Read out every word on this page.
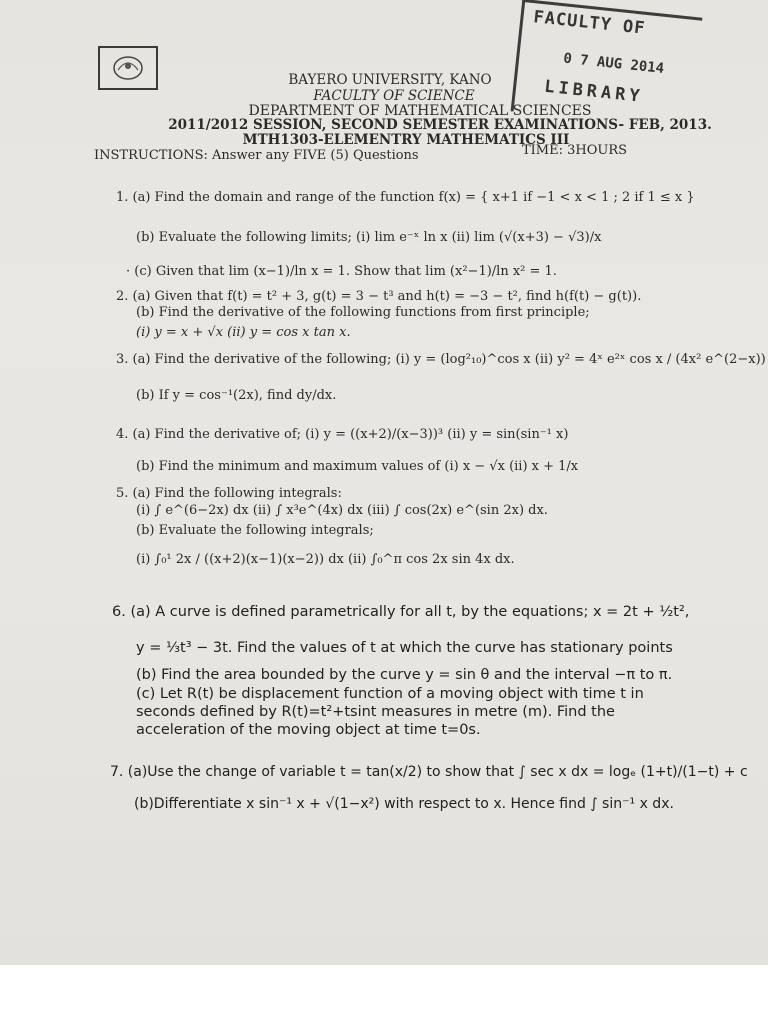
FACULTY OF
0 7 AUG 2014
LIBRARY
BAYERO UNIVERSITY, KANO
FACULTY OF SCIENCE
DEPARTMENT OF MATHEMATICAL SCIENCES
2011/2012 SESSION, SECOND SEMESTER EXAMINATIONS- FEB, 2013.
MTH1303-ELEMENTRY MATHEMATICS III
INSTRUCTIONS: Answer any FIVE (5) Questions	TIME: 3HOURS
1. (a) Find the domain and range of the function f(x) = { x+1 if −1 < x < 1 ; 2 if 1 ≤ x }
(b) Evaluate the following limits; (i) lim e⁻ˣ ln x (ii) lim (√(x+3) − √3)/x
· (c) Given that lim (x−1)/ln x = 1. Show that lim (x²−1)/ln x² = 1.
2. (a) Given that f(t) = t² + 3, g(t) = 3 − t³ and h(t) = −3 − t², find h(f(t) − g(t)).
(b) Find the derivative of the following functions from first principle;
(i) y = x + √x (ii) y = cos x tan x.
3. (a) Find the derivative of the following; (i) y = (log²₁₀)^cos x (ii) y² = 4ˣ e²ˣ cos x / (4x² e^(2−x))
(b) If y = cos⁻¹(2x), find dy/dx.
4. (a) Find the derivative of; (i) y = ((x+2)/(x−3))³ (ii) y = sin(sin⁻¹ x)
(b) Find the minimum and maximum values of (i) x − √x (ii) x + 1/x
5. (a) Find the following integrals:
(i) ∫ e^(6−2x) dx (ii) ∫ x³e^(4x) dx (iii) ∫ cos(2x) e^(sin 2x) dx.
(b) Evaluate the following integrals;
(i) ∫₀¹ 2x / ((x+2)(x−1)(x−2)) dx (ii) ∫₀^π cos 2x sin 4x dx.
6. (a) A curve is defined parametrically for all t, by the equations; x = 2t + ½t²,
y = ⅓t³ − 3t. Find the values of t at which the curve has stationary points
(b) Find the area bounded by the curve y = sin θ and the interval −π to π.
(c) Let R(t) be displacement function of a moving object with time t in
seconds defined by R(t)=t²+tsint measures in metre (m). Find the
acceleration of the moving object at time t=0s.
7. (a)Use the change of variable t = tan(x/2) to show that ∫ sec x dx = logₑ (1+t)/(1−t) + c
(b)Differentiate x sin⁻¹ x + √(1−x²) with respect to x. Hence find ∫ sin⁻¹ x dx.
